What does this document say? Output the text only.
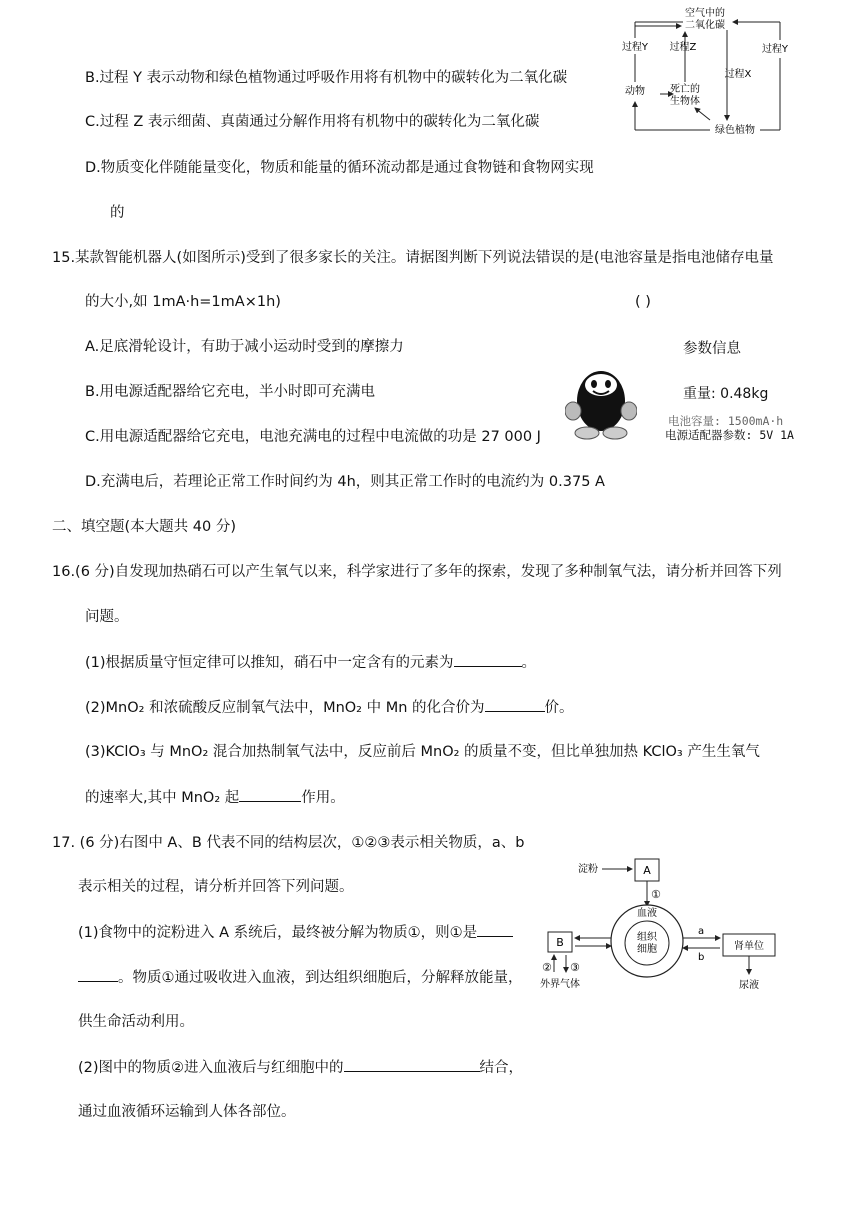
B.过程 Y 表示动物和绿色植物通过呼吸作用将有机物中的碳转化为二氧化碳
C.过程 Z 表示细菌、真菌通过分解作用将有机物中的碳转化为二氧化碳
D.物质变化伴随能量变化，物质和能量的循环流动都是通过食物链和食物网实现
的
空气中的
二氧化碳
过程Y 过程Z	过程Y
过程X
动物	死亡的
生物体
绿色植物
15.某款智能机器人(如图所示)受到了很多家长的关注。请据图判断下列说法错误的是(电池容量是指电池储存电量
的大小,如 1mA·h=1mA×1h)	( )
A.足底滑轮设计，有助于减小运动时受到的摩擦力
B.用电源适配器给它充电，半小时即可充满电
C.用电源适配器给它充电，电池充满电的过程中电流做的功是 27 000 J
D.充满电后，若理论正常工作时间约为 4h，则其正常工作时的电流约为 0.375 A
参数信息
重量: 0.48kg
电池容量: 1500mA·h
电源适配器参数: 5V 1A
二、填空题(本大题共 40 分)
16.(6 分)自发现加热硝石可以产生氧气以来，科学家进行了多年的探索，发现了多种制氧气法，请分析并回答下列
问题。
(1)根据质量守恒定律可以推知，硝石中一定含有的元素为	。
(2)MnO₂ 和浓硫酸反应制氧气法中，MnO₂ 中 Mn 的化合价为	价。
(3)KClO₃ 与 MnO₂ 混合加热制氧气法中，反应前后 MnO₂ 的质量不变，但比单独加热 KClO₃ 产生生氧气
的速率大,其中 MnO₂ 起	作用。
17. (6 分)右图中 A、B 代表不同的结构层次，①②③表示相关物质，a、b
表示相关的过程，请分析并回答下列问题。
(1)食物中的淀粉进入 A 系统后，最终被分解为物质①，则①是
。物质①通过吸收进入血液，到达组织细胞后，分解释放能量，
供生命活动利用。
(2)图中的物质②进入血液后与红细胞中的	结合，
通过血液循环运输到人体各部位。
淀粉	A
①
血液
组织
细胞
B
② ③
外界气体
a
b
肾单位
尿液
